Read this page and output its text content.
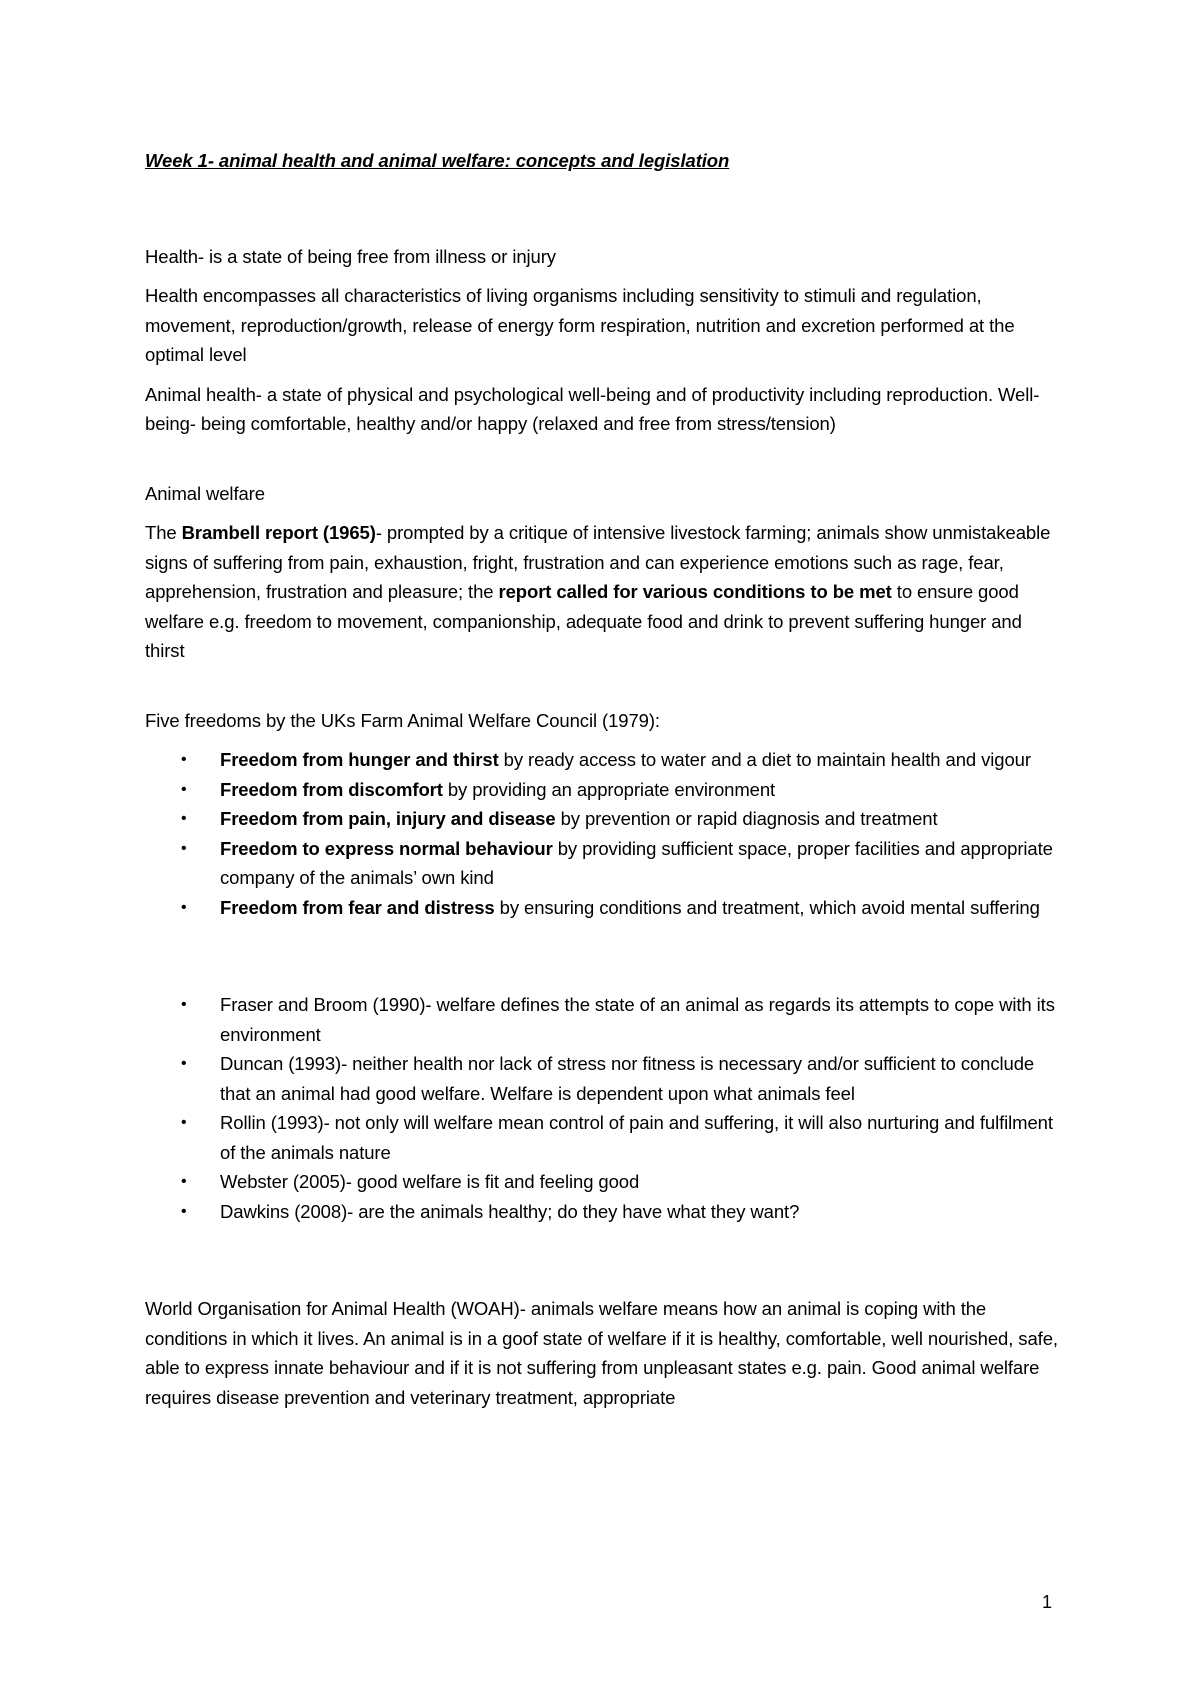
Week 1- animal health and animal welfare: concepts and legislation

Health- is a state of being free from illness or injury

Health encompasses all characteristics of living organisms including sensitivity to stimuli and regulation, movement, reproduction/growth, release of energy form respiration, nutrition and excretion performed at the optimal level

Animal health- a state of physical and psychological well-being and of productivity including reproduction. Well-being- being comfortable, healthy and/or happy (relaxed and free from stress/tension)

Animal welfare

The Brambell report (1965)- prompted by a critique of intensive livestock farming; animals show unmistakeable signs of suffering from pain, exhaustion, fright, frustration and can experience emotions such as rage, fear, apprehension, frustration and pleasure; the report called for various conditions to be met to ensure good welfare e.g. freedom to movement, companionship, adequate food and drink to prevent suffering hunger and thirst

Five freedoms by the UKs Farm Animal Welfare Council (1979):

• Freedom from hunger and thirst by ready access to water and a diet to maintain health and vigour
• Freedom from discomfort by providing an appropriate environment
• Freedom from pain, injury and disease by prevention or rapid diagnosis and treatment
• Freedom to express normal behaviour by providing sufficient space, proper facilities and appropriate company of the animals’ own kind
• Freedom from fear and distress by ensuring conditions and treatment, which avoid mental suffering
• Fraser and Broom (1990)- welfare defines the state of an animal as regards its attempts to cope with its environment
• Duncan (1993)- neither health nor lack of stress nor fitness is necessary and/or sufficient to conclude that an animal had good welfare. Welfare is dependent upon what animals feel
• Rollin (1993)- not only will welfare mean control of pain and suffering, it will also nurturing and fulfilment of the animals nature
• Webster (2005)- good welfare is fit and feeling good
• Dawkins (2008)- are the animals healthy; do they have what they want?

World Organisation for Animal Health (WOAH)- animals welfare means how an animal is coping with the conditions in which it lives. An animal is in a goof state of welfare if it is healthy, comfortable, well nourished, safe, able to express innate behaviour and if it is not suffering from unpleasant states e.g. pain. Good animal welfare requires disease prevention and veterinary treatment, appropriate

1
